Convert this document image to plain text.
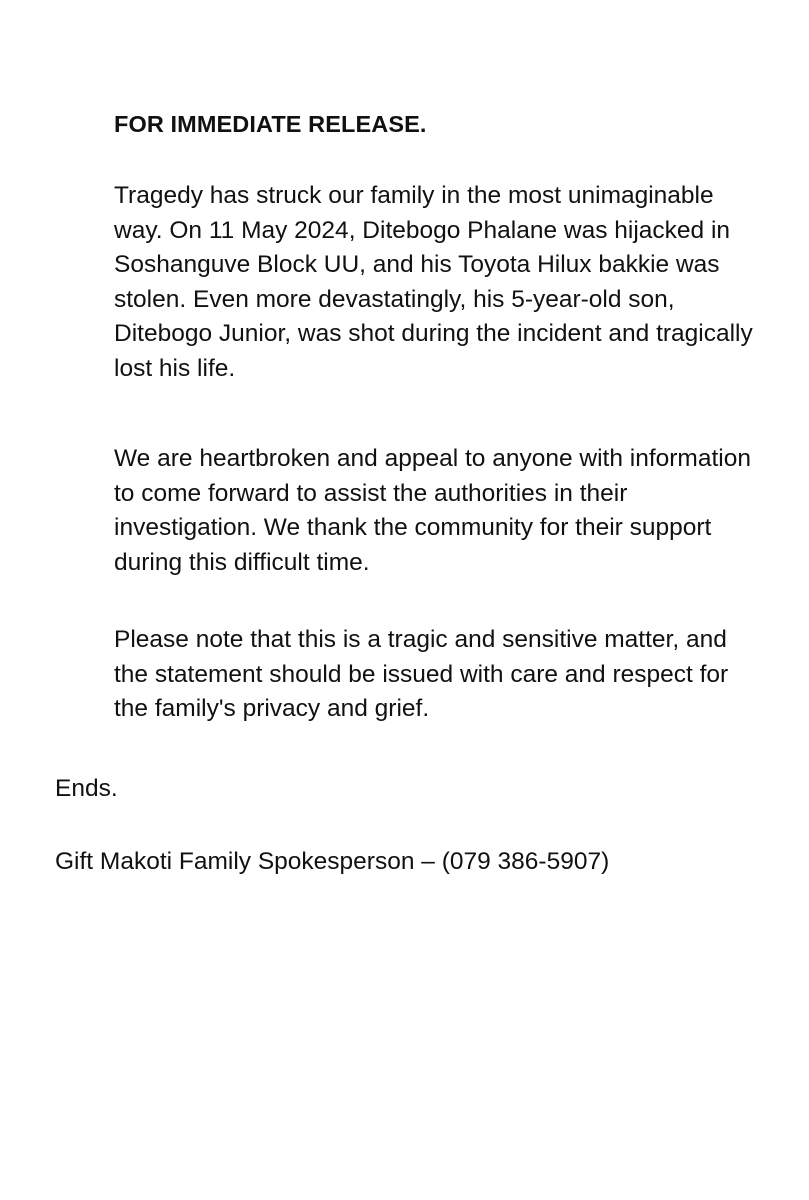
FOR IMMEDIATE RELEASE.

Tragedy has struck our family in the most unimaginable way. On 11 May 2024, Ditebogo Phalane was hijacked in Soshanguve Block UU, and his Toyota Hilux bakkie was stolen. Even more devastatingly, his 5-year-old son, Ditebogo Junior, was shot during the incident and tragically lost his life.

We are heartbroken and appeal to anyone with information to come forward to assist the authorities in their investigation. We thank the community for their support during this difficult time.

Please note that this is a tragic and sensitive matter, and the statement should be issued with care and respect for the family's privacy and grief.

Ends.

Gift Makoti Family Spokesperson – (079 386-5907)
